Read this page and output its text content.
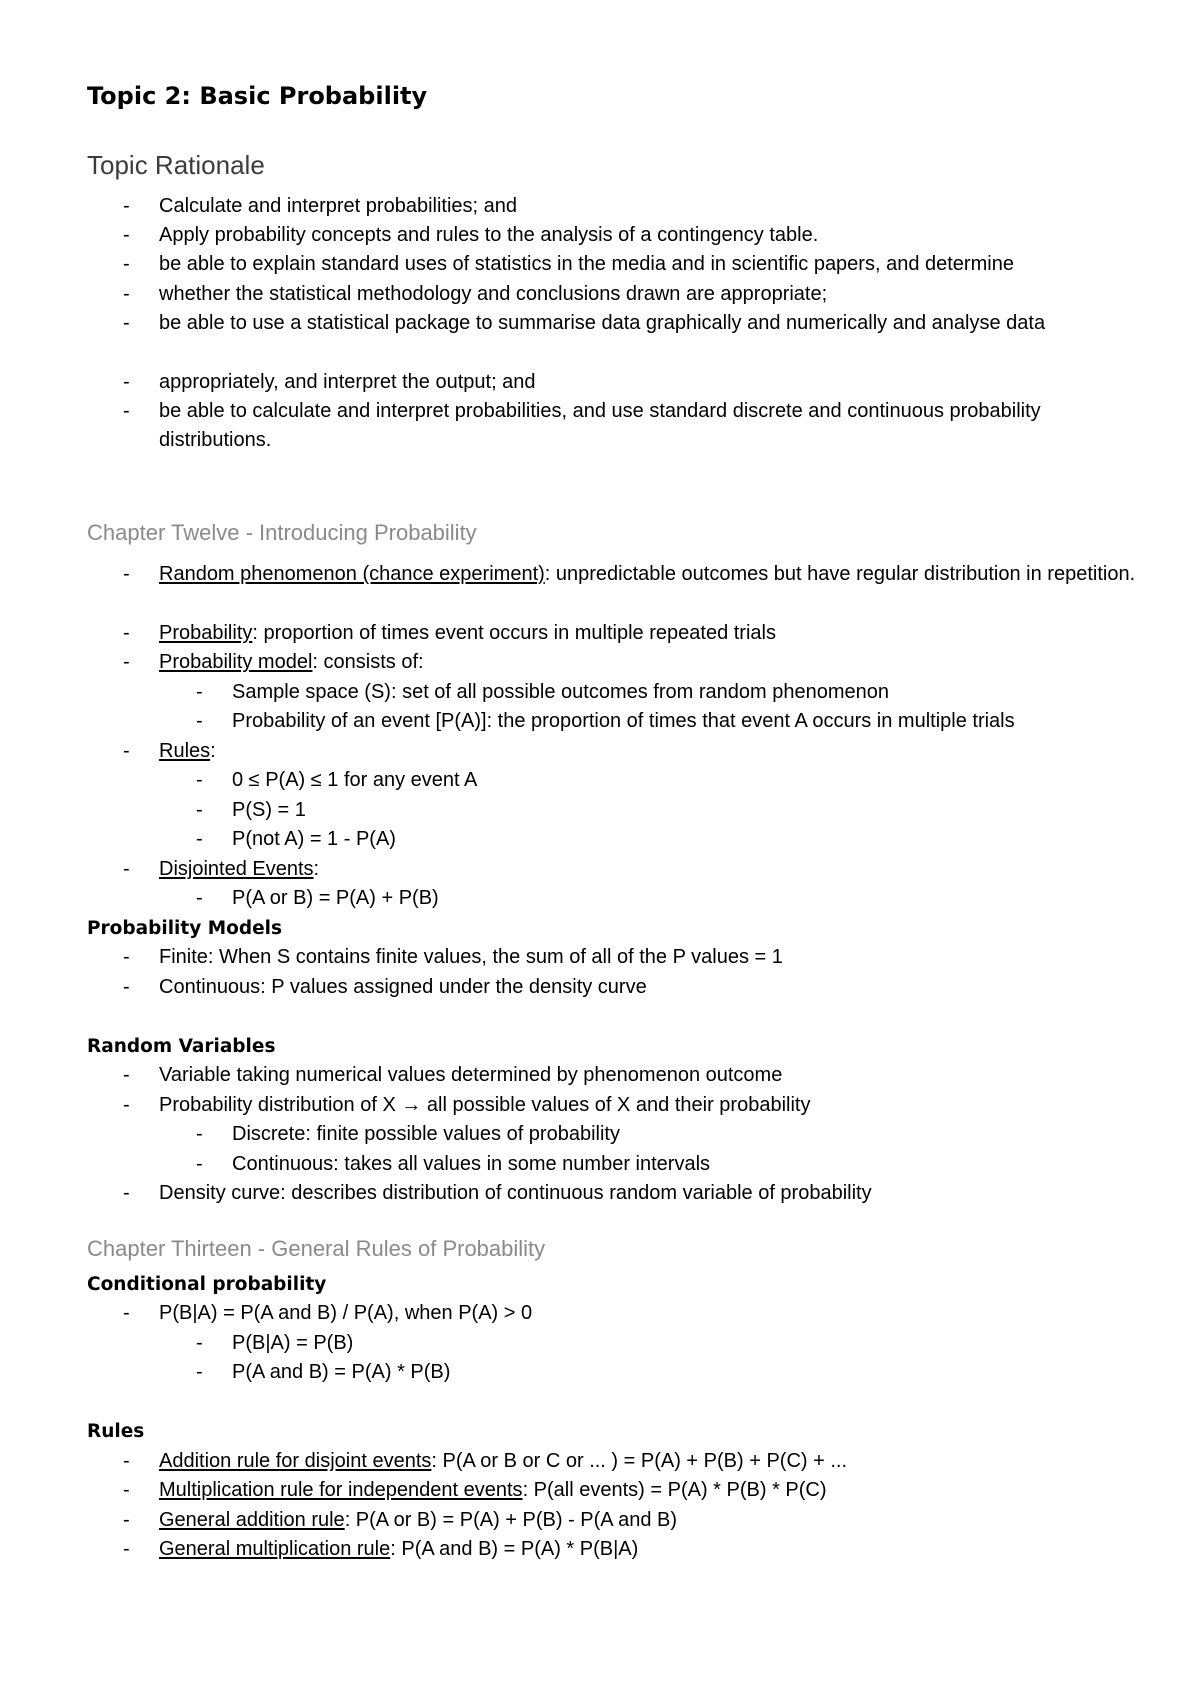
Topic 2: Basic Probability
Topic Rationale
- Calculate and interpret probabilities; and
- Apply probability concepts and rules to the analysis of a contingency table.
- be able to explain standard uses of statistics in the media and in scientific papers, and determine
- whether the statistical methodology and conclusions drawn are appropriate;
- be able to use a statistical package to summarise data graphically and numerically and analyse data
- appropriately, and interpret the output; and
- be able to calculate and interpret probabilities, and use standard discrete and continuous probability distributions.
Chapter Twelve - Introducing Probability
- Random phenomenon (chance experiment): unpredictable outcomes but have regular distribution in repetition.
- Probability: proportion of times event occurs in multiple repeated trials
- Probability model: consists of:
- Sample space (S): set of all possible outcomes from random phenomenon
- Probability of an event [P(A)]: the proportion of times that event A occurs in multiple trials
- Rules:
- 0 ≤ P(A) ≤ 1 for any event A
- P(S) = 1
- P(not A) = 1 - P(A)
- Disjointed Events:
- P(A or B) = P(A) + P(B)
Probability Models
- Finite: When S contains finite values, the sum of all of the P values = 1
- Continuous: P values assigned under the density curve
Random Variables
- Variable taking numerical values determined by phenomenon outcome
- Probability distribution of X → all possible values of X and their probability
- Discrete: finite possible values of probability
- Continuous: takes all values in some number intervals
- Density curve: describes distribution of continuous random variable of probability
Chapter Thirteen - General Rules of Probability
Conditional probability
- P(B|A) = P(A and B) / P(A), when P(A) > 0
- P(B|A) = P(B)
- P(A and B) = P(A) * P(B)
Rules
- Addition rule for disjoint events: P(A or B or C or ... ) = P(A) + P(B) + P(C) + ...
- Multiplication rule for independent events: P(all events) = P(A) * P(B) * P(C)
- General addition rule: P(A or B) = P(A) + P(B) - P(A and B)
- General multiplication rule: P(A and B) = P(A) * P(B|A)
